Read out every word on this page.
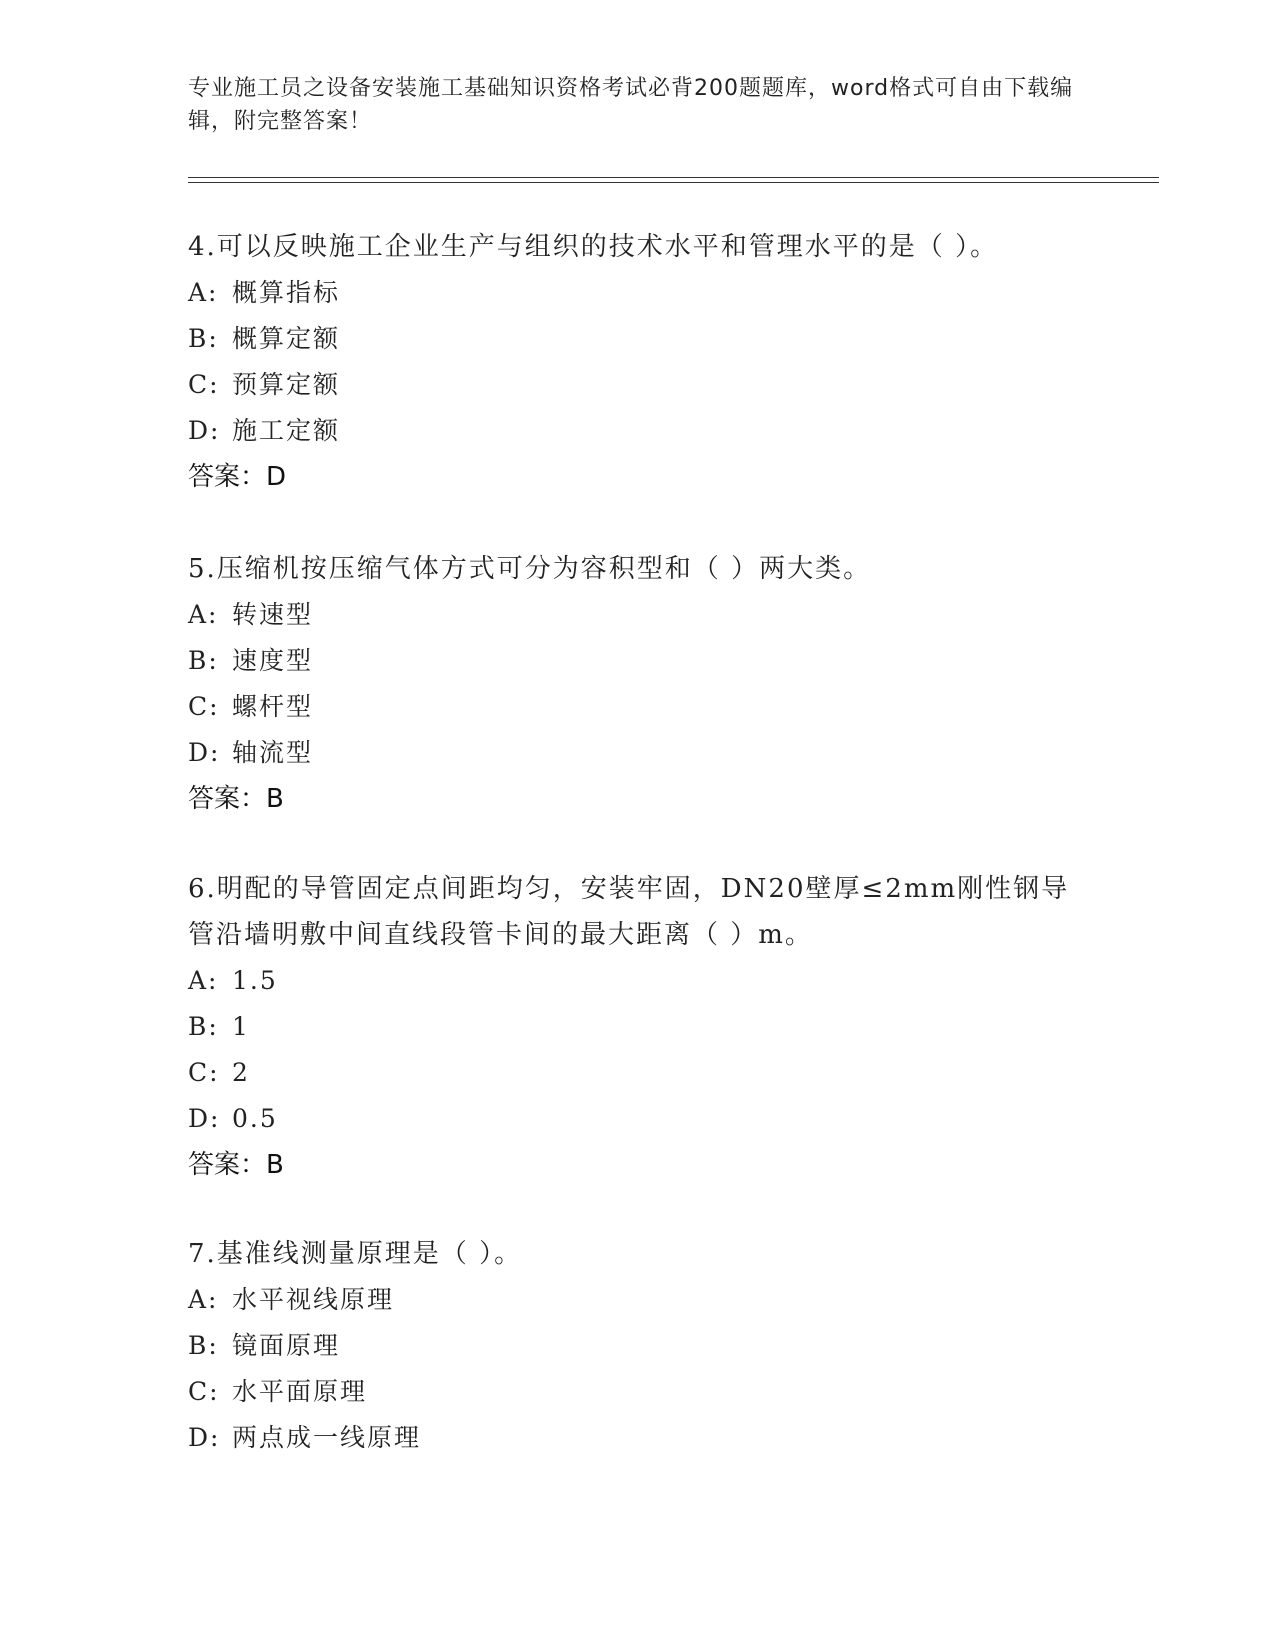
专业施工员之设备安装施工基础知识资格考试必背200题题库，word格式可自由下载编辑，附完整答案！

4.可以反映施工企业生产与组织的技术水平和管理水平的是（ ）。

A: 概算指标

B: 概算定额

C: 预算定额

D: 施工定额

答案：D

5.压缩机按压缩气体方式可分为容积型和（ ）两大类。

A: 转速型

B: 速度型

C: 螺杆型

D: 轴流型

答案：B

6.明配的导管固定点间距均匀，安装牢固，DN20壁厚≤2mm刚性钢导管沿墙明敷中间直线段管卡间的最大距离（ ）m。

A: 1.5

B: 1

C: 2

D: 0.5

答案：B

7.基准线测量原理是（ ）。

A: 水平视线原理

B: 镜面原理

C: 水平面原理

D: 两点成一线原理
